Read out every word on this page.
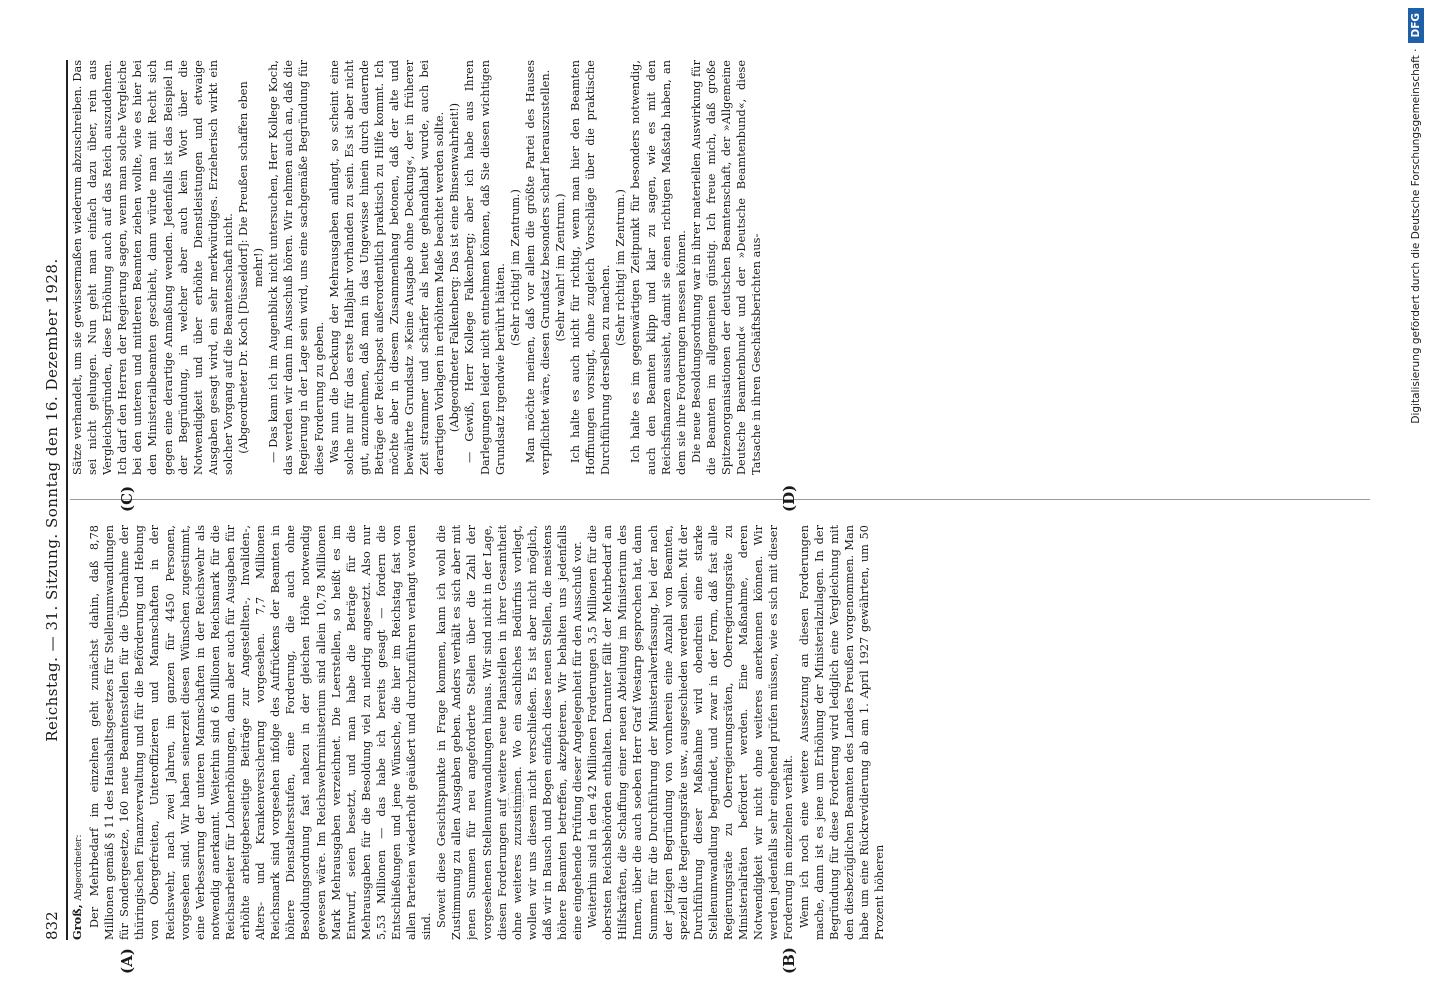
832
Reichstag. — 31. Sitzung. Sonntag den 16. Dezember 1928.
(A)	(B)
(C)	(D)

Groß, Abgeordneter: Der Mehrbedarf im einzelnen geht zunächst dahin, daß 8,78 Millionen gemäß § 11 des Haushaltsgesetzes für Stellenumwandlungen für Sondergesetze, 160 neue Beamtenstellen für die Übernahme der thüringischen Finanzverwaltung und für die Beförderung und Hebung von Obergefreiten, Unteroffizieren und Mannschaften in der Reichswehr, nach zwei Jahren, im ganzen für 4450 Personen, vorgesehen sind. Wir haben seinerzeit diesen Wünschen zugestimmt, eine Verbesserung der unteren Mannschaften in der Reichswehr als notwendig anerkannt. Weiterhin sind 6 Millionen Reichsmark für die Reichsarbeiter für Lohnerhöhungen, dann aber auch für Ausgaben für erhöhte arbeitgeberseitige Beiträge zur Angestellten-, Invaliden-, Alters- und Krankenversicherung vorgesehen. 7,7 Millionen Reichsmark sind vorgesehen infolge des Aufrückens der Beamten in höhere Dienstaltersstufen, eine Forderung, die auch ohne Besoldungsordnung fast nahezu in der gleichen Höhe notwendig gewesen wäre. Im Reichswehrministerium sind allein 10,78 Millionen Mark Mehrausgaben verzeichnet. Die Leerstellen, so heißt es im Entwurf, seien besetzt, und man habe die Beträge für die Mehrausgaben für die Besoldung viel zu niedrig angesetzt. Also nur 5,53 Millionen — das habe ich bereits gesagt — fordern die Entschließungen und jene Wünsche, die hier im Reichstag fast von allen Parteien wiederholt geäußert und durchzuführen verlangt worden sind. Soweit diese Gesichtspunkte in Frage kommen, kann ich wohl die Zustimmung zu allen Ausgaben geben. Anders verhält es sich aber mit jenen Summen für neu angeforderte Stellen über die Zahl der vorgesehenen Stellenumwandlungen hinaus. Wir sind nicht in der Lage, diesen Forderungen auf weitere neue Planstellen in ihrer Gesamtheit ohne weiteres zuzustimmen. Wo ein sachliches Bedürfnis vorliegt, wollen wir uns diesem nicht verschließen. Es ist aber nicht möglich, daß wir in Bausch und Bogen einfach diese neuen Stellen, die meistens höhere Beamten betreffen, akzeptieren. Wir behalten uns jedenfalls eine eingehende Prüfung dieser Angelegenheit für den Ausschuß vor. Weiterhin sind in den 42 Millionen Forderungen 3,5 Millionen für die obersten Reichsbehörden enthalten. Darunter fällt der Mehrbedarf an Hilfskräften, die Schaffung einer neuen Abteilung im Ministerium des Innern, über die auch soeben Herr Graf Westarp gesprochen hat, dann Summen für die Durchführung der Ministerialverfassung, bei der nach der jetzigen Begründung von vornherein eine Anzahl von Beamten, speziell die Regierungsräte usw., ausgeschieden werden sollen. Mit der Durchführung dieser Maßnahme wird obendrein eine starke Stellenumwandlung begründet, und zwar in der Form, daß fast alle Regierungsräte zu Oberregierungsräten, Oberregierungsräte zu Ministerialräten befördert werden. Eine Maßnahme, deren Notwendigkeit wir nicht ohne weiteres anerkennen können. Wir werden jedenfalls sehr eingehend prüfen müssen, wie es sich mit dieser Forderung im einzelnen verhält. Wenn ich noch eine weitere Aussetzung an diesen Forderungen mache, dann ist es jene um Erhöhung der Ministerialzulagen. In der Begründung für diese Forderung wird lediglich eine Vergleichung mit den diesbezüglichen Beamten des Landes Preußen vorgenommen. Man habe um eine Rückrevidierung ab am 1. April 1927 gewährten, um 50 Prozent höheren

Sätze verhandelt, um sie gewissermaßen wiederum abzuschreiben. Das sei nicht gelungen. Nun geht man einfach dazu über, rein aus Vergleichsgründen, diese Erhöhung auch auf das Reich auszudehnen. Ich darf den Herren der Regierung sagen, wenn man solche Vergleiche bei den unteren und mittleren Beamten ziehen wollte, wie es hier bei den Ministerialbeamten geschieht, dann würde man mit Recht sich gegen eine derartige Anmaßung wenden. Jedenfalls ist das Beispiel in der Begründung, in welcher aber auch kein Wort über die Notwendigkeit und über erhöhte Dienstleistungen und etwaige Ausgaben gesagt wird, ein sehr merkwürdiges. Erzieherisch wirkt ein solcher Vorgang auf die Beamtenschaft nicht. (Abgeordneter Dr. Koch [Düsseldorf]: Die Preußen schaffen eben mehr!) — Das kann ich im Augenblick nicht untersuchen, Herr Kollege Koch, das werden wir dann im Ausschuß hören. Wir nehmen auch an, daß die Regierung in der Lage sein wird, uns eine sachgemäße Begründung für diese Forderung zu geben. Was nun die Deckung der Mehrausgaben anlangt, so scheint eine solche nur für das erste Halbjahr vorhanden zu sein. Es ist aber nicht gut, anzunehmen, daß man in das Ungewisse hinein durch dauernde Beträge der Reichspost außerordentlich praktisch zu Hilfe kommt. Ich möchte aber in diesem Zusammenhang betonen, daß der alte und bewährte Grundsatz »Keine Ausgabe ohne Deckung«, der in früherer Zeit strammer und schärfer als heute gehandhabt wurde, auch bei derartigen Vorlagen in erhöhtem Maße beachtet werden sollte. (Abgeordneter Falkenberg: Das ist eine Binsenwahrheit!) — Gewiß, Herr Kollege Falkenberg; aber ich habe aus Ihren Darlegungen leider nicht entnehmen können, daß Sie diesen wichtigen Grundsatz irgendwie berührt hätten. (Sehr richtig! im Zentrum.) Man möchte meinen, daß vor allem die größte Partei des Hauses verpflichtet wäre, diesen Grundsatz besonders scharf herauszustellen. (Sehr wahr! im Zentrum.) Ich halte es auch nicht für richtig, wenn man hier den Beamten Hoffnungen vorsingt, ohne zugleich Vorschläge über die praktische Durchführung derselben zu machen. (Sehr richtig! im Zentrum.) Ich halte es im gegenwärtigen Zeitpunkt für besonders notwendig, auch den Beamten klipp und klar zu sagen, wie es mit den Reichsfinanzen aussieht, damit sie einen richtigen Maßstab haben, an dem sie ihre Forderungen messen können. Die neue Besoldungsordnung war in ihrer materiellen Auswirkung für die Beamten im allgemeinen günstig. Ich freue mich, daß große Spitzenorganisationen der deutschen Beamtenschaft, der »Allgemeine Deutsche Beamtenbund« und der »Deutsche Beamtenbund«, diese Tatsache in ihren Geschäftsberichten aus-	Digitalisierung gefördert durch die Deutsche Forschungsgemeinschaft ·DFG
